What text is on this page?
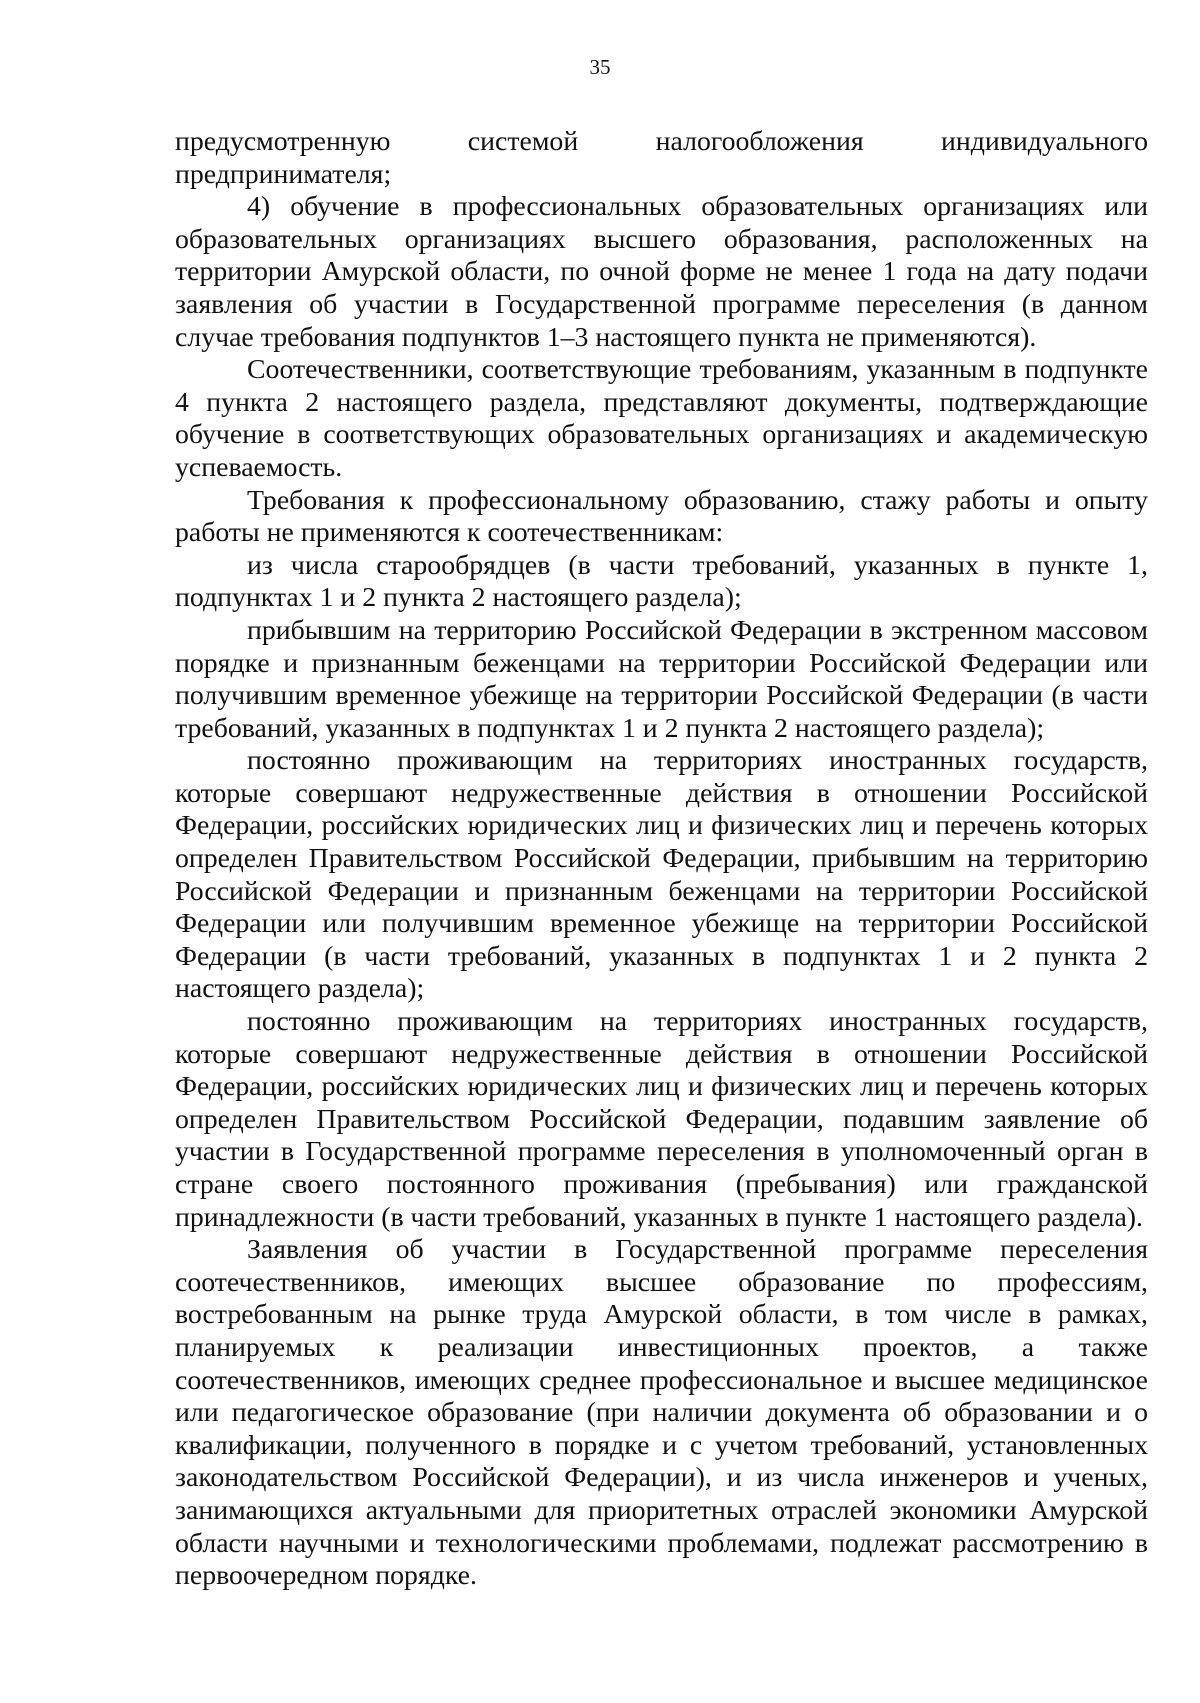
35

предусмотренную системой налогообложения индивидуального предпринимателя;

4) обучение в профессиональных образовательных организациях или образовательных организациях высшего образования, расположенных на территории Амурской области, по очной форме не менее 1 года на дату подачи заявления об участии в Государственной программе переселения (в данном случае требования подпунктов 1–3 настоящего пункта не применяются).

Соотечественники, соответствующие требованиям, указанным в подпункте 4 пункта 2 настоящего раздела, представляют документы, подтверждающие обучение в соответствующих образовательных организациях и академическую успеваемость.

Требования к профессиональному образованию, стажу работы и опыту работы не применяются к соотечественникам:

из числа старообрядцев (в части требований, указанных в пункте 1, подпунктах 1 и 2 пункта 2 настоящего раздела);

прибывшим на территорию Российской Федерации в экстренном массовом порядке и признанным беженцами на территории Российской Федерации или получившим временное убежище на территории Российской Федерации (в части требований, указанных в подпунктах 1 и 2 пункта 2 настоящего раздела);

постоянно проживающим на территориях иностранных государств, которые совершают недружественные действия в отношении Российской Федерации, российских юридических лиц и физических лиц и перечень которых определен Правительством Российской Федерации, прибывшим на территорию Российской Федерации и признанным беженцами на территории Российской Федерации или получившим временное убежище на территории Российской Федерации (в части требований, указанных в подпунктах 1 и 2 пункта 2 настоящего раздела);

постоянно проживающим на территориях иностранных государств, которые совершают недружественные действия в отношении Российской Федерации, российских юридических лиц и физических лиц и перечень которых определен Правительством Российской Федерации, подавшим заявление об участии в Государственной программе переселения в уполномоченный орган в стране своего постоянного проживания (пребывания) или гражданской принадлежности (в части требований, указанных в пункте 1 настоящего раздела).

Заявления об участии в Государственной программе переселения соотечественников, имеющих высшее образование по профессиям, востребованным на рынке труда Амурской области, в том числе в рамках, планируемых к реализации инвестиционных проектов, а также соотечественников, имеющих среднее профессиональное и высшее медицинское или педагогическое образование (при наличии документа об образовании и о квалификации, полученного в порядке и с учетом требований, установленных законодательством Российской Федерации), и из числа инженеров и ученых, занимающихся актуальными для приоритетных отраслей экономики Амурской области научными и технологическими проблемами, подлежат рассмотрению в первоочередном порядке.
